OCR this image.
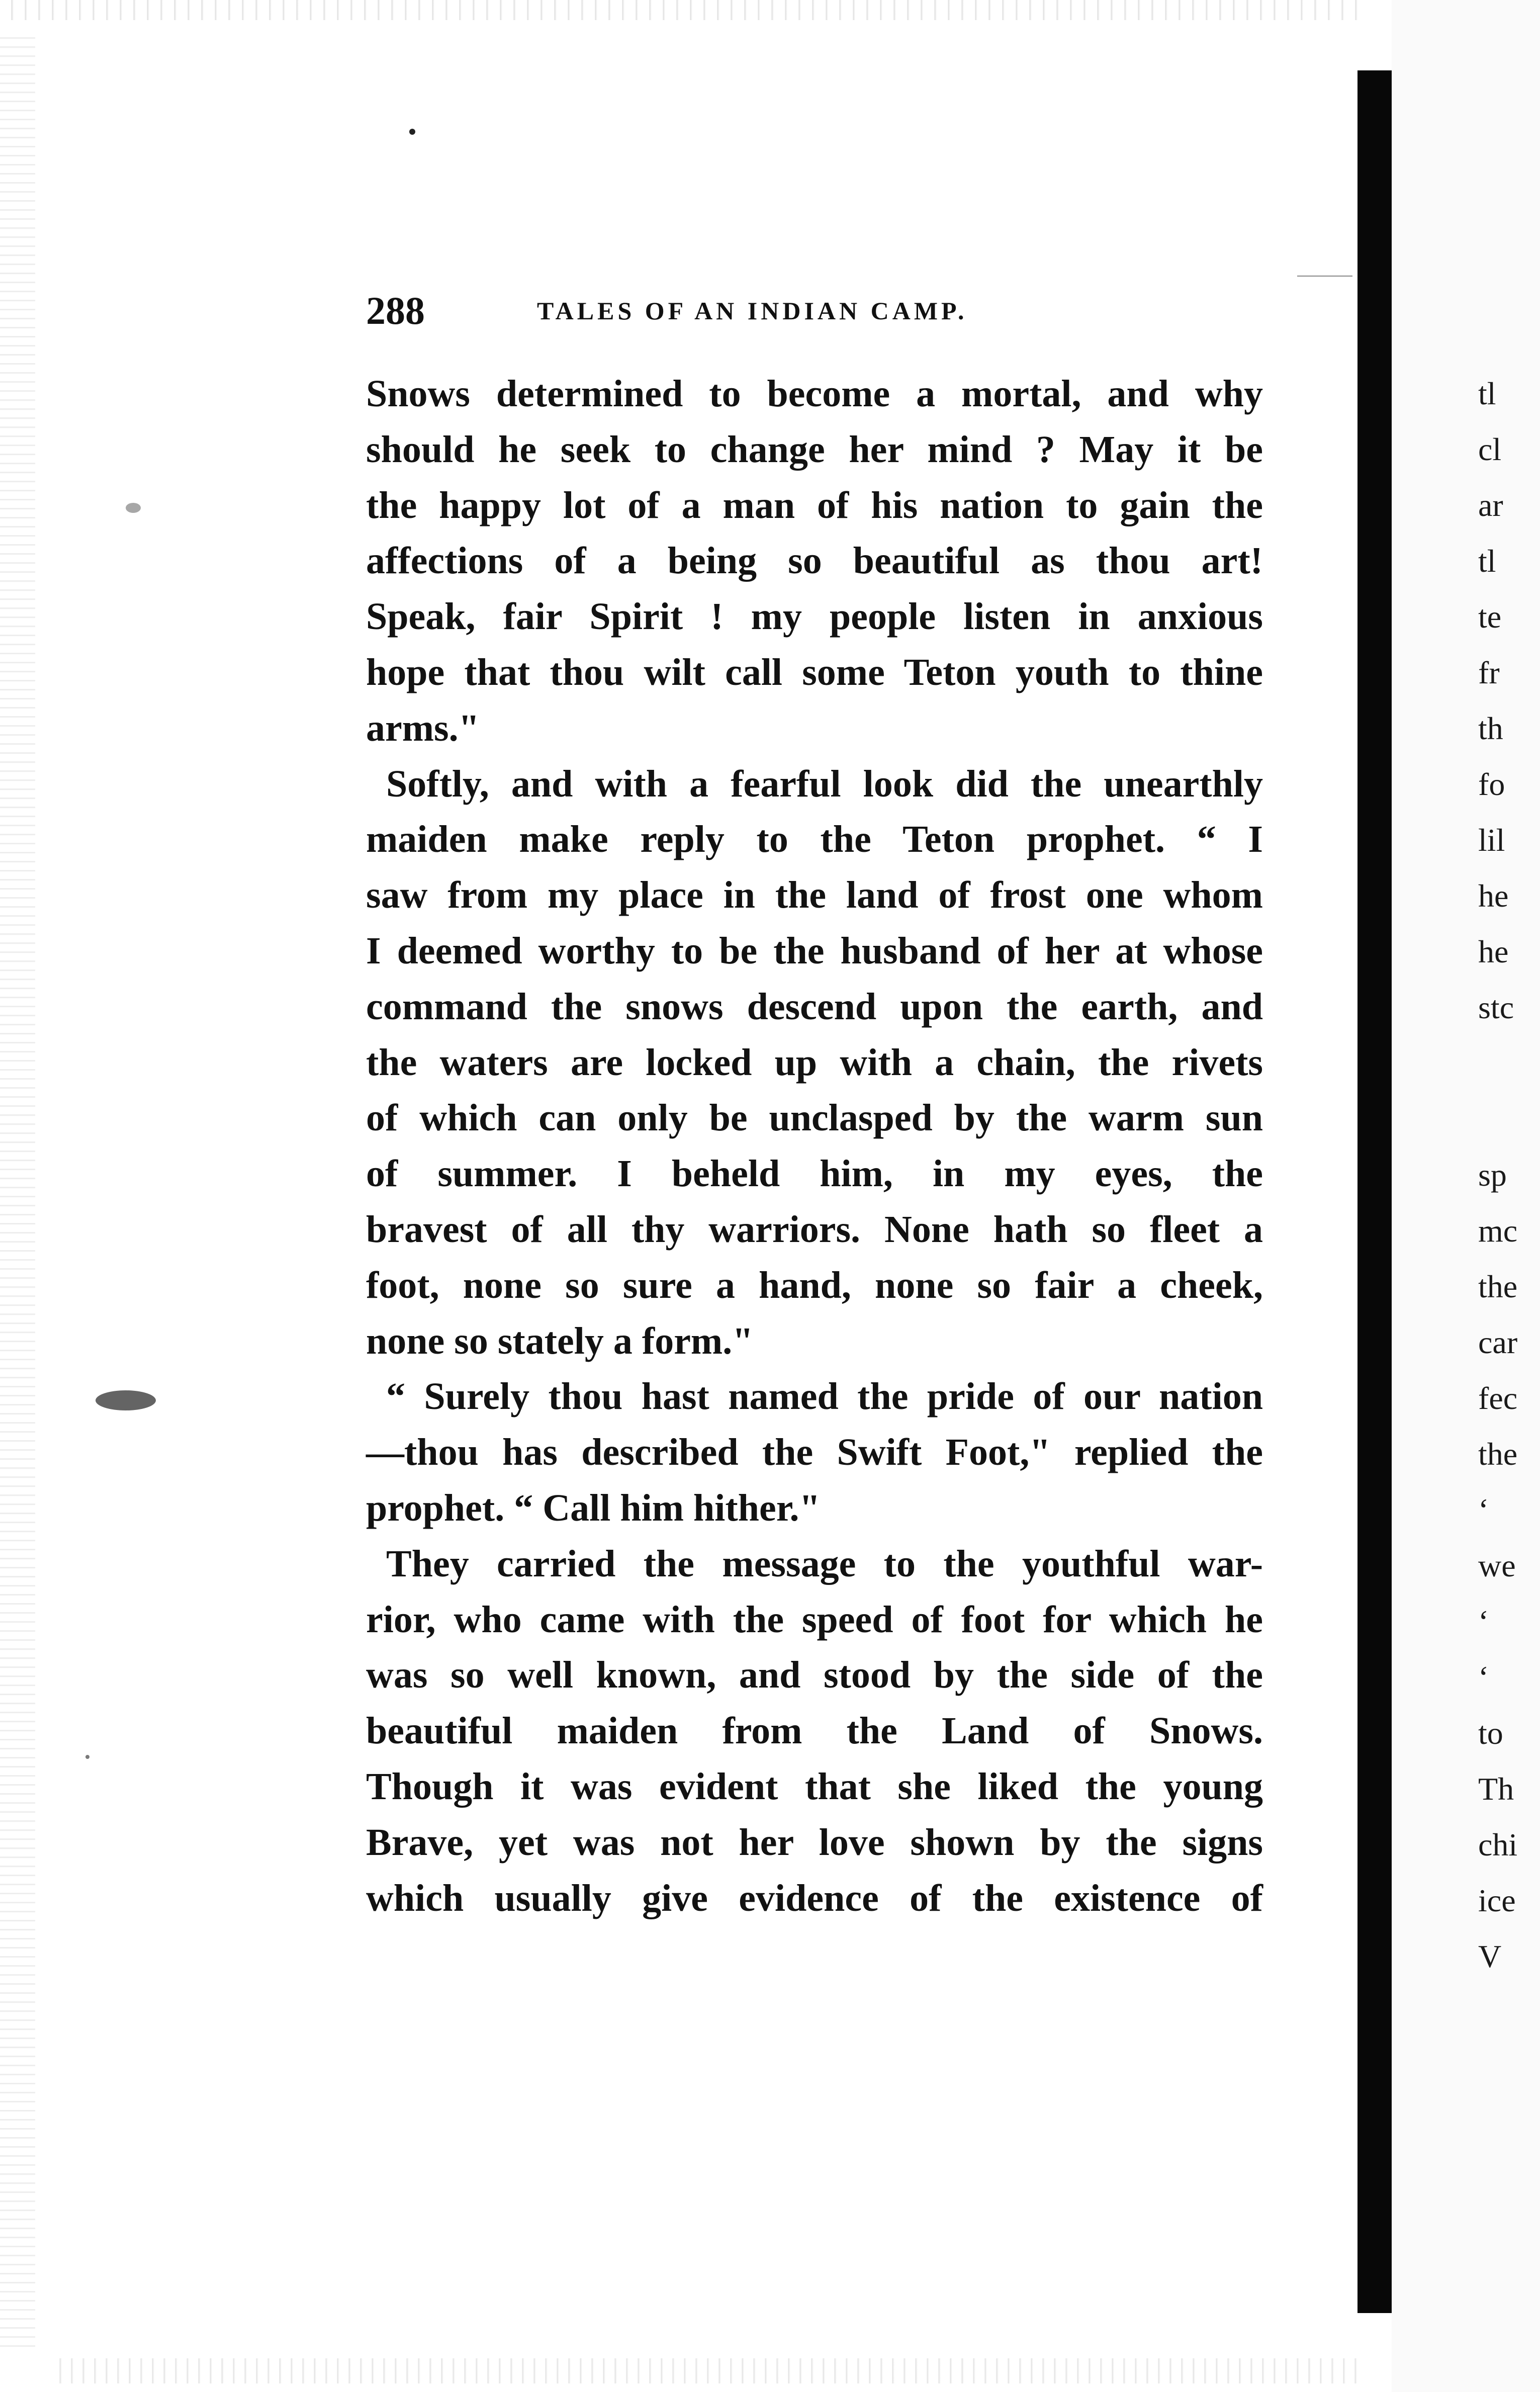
288	TALES OF AN INDIAN CAMP.
Snows determined to become a mortal, and why
should he seek to change her mind ? May it be
the happy lot of a man of his nation to gain the
affections of a being so beautiful as thou art!
Speak, fair Spirit ! my people listen in anxious
hope that thou wilt call some Teton youth to thine
arms."
Softly, and with a fearful look did the unearthly
maiden make reply to the Teton prophet. “ I
saw from my place in the land of frost one whom
I deemed worthy to be the husband of her at whose
command the snows descend upon the earth, and
the waters are locked up with a chain, the rivets
of which can only be unclasped by the warm sun
of summer. I beheld him, in my eyes, the
bravest of all thy warriors. None hath so fleet a
foot, none so sure a hand, none so fair a cheek,
none so stately a form."
“ Surely thou hast named the pride of our nation
—thou has described the Swift Foot," replied the
prophet. “ Call him hither."
They carried the message to the youthful war-
rior, who came with the speed of foot for which he
was so well known, and stood by the side of the
beautiful maiden from the Land of Snows.
Though it was evident that she liked the young
Brave, yet was not her love shown by the signs
which usually give evidence of the existence of
tl
cl
ar
tl
te
fr
th
fo
lil
he
he
stc
sp
mc
the
car
fec
the
‘
we
‘
‘
to
Th
chi
ice
V
